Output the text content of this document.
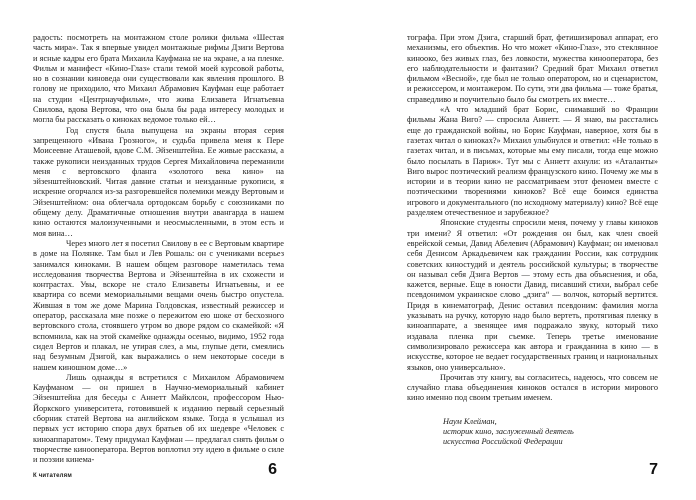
радость: посмотреть на монтажном столе ролики фильма «Шестая часть мира». Так я впервые увидел монтажные рифмы Дзиги Вертова и ясные кадры его брата Михаила Кауфмана не на экране, а на пленке. Фильм и манифест «Кино-Глаз» стали темой моей курсовой работы, но в сознании киноведа они существовали как явления прошлого. В голову не приходило, что Михаил Абрамович Кауфман еще работает на студии «Центрнаучфильм», что жива Елизавета Игнатьевна Свилова, вдова Вертова, что она была бы рада интересу молодых и могла бы рассказать о киноках ведомое только ей…

Год спустя была выпущена на экраны вторая серия запрещенного «Ивана Грозного», и судьба привела меня к Пере Моисеевне Аташевой, вдове С.М. Эйзенштейна. Ее живые рассказы, а также рукописи неизданных трудов Сергея Михайловича переманили меня с вертовского фланга «золотого века кино» на эйзенштейновский. Читая давние статьи и неизданные рукописи, я искренне огорчался из-за разгоревшейся полемики между Вертовым и Эйзенштейном: она облегчала ортодоксам борьбу с союзниками по общему делу. Драматичные отношения внутри авангарда в нашем кино остаются малоизученными и неосмысленными, в этом есть и моя вина…

Через много лет я посетил Свилову в ее с Вертовым квартире в доме на Полянке. Там был и Лев Рошаль: он с учениками всерьез занимался киноками. В нашем общем разговоре наметилась тема исследования творчества Вертова и Эйзенштейна в их схожести и контрастах. Увы, вскоре не стало Елизаветы Игнатьевны, и ее квартира со всеми мемориальными вещами очень быстро опустела. Жившая в том же доме Марина Голдовская, известный режиссер и оператор, рассказала мне позже о пережитом ею шоке от бесхозного вертовского стола, стоявшего утром во дворе рядом со скамейкой: «Я вспомнила, как на этой скамейке однажды осенью, видимо, 1952 года сидел Вертов и плакал, не утирая слез, а мы, глупые дети, смеялись над безумным Дзигой, как выражались о нем некоторые соседи в нашем киношном доме…»

Лишь однажды я встретился с Михаилом Абрамовичем Кауфманом — он пришел в Научно-мемориальный кабинет Эйзенштейна для беседы с Аннетт Майклсон, профессором Нью-Йоркского университета, готовившей к изданию первый серьезный сборник статей Вертова на английском языке. Тогда я услышал из первых уст историю спора двух братьев об их шедевре «Человек с киноаппаратом». Тему придумал Кауфман — предлагал снять фильм о творчестве кинооператора. Вертов воплотил эту идею в фильме о силе и поэзии кинема-

К читателям	6

тографа. При этом Дзига, старший брат, фетишизировал аппарат, его механизмы, его объектив. Но что может «Кино-Глаз», это стеклянное кинооко, без живых глаз, без ловкости, мужества кинооператора, без его наблюдательности и фантазии? Средний брат Михаил ответил фильмом «Весной», где был не только оператором, но и сценаристом, и режиссером, и монтажером. По сути, эти два фильма — тоже братья, справедливо и поучительно было бы смотреть их вместе…

«А что младший брат Борис, снимавший во Франции фильмы Жана Виго? — спросила Аннетт. — Я знаю, вы расстались еще до гражданской войны, но Борис Кауфман, наверное, хотя бы в газетах читал о киноках?» Михаил улыбнулся и ответил: «Не только в газетах читал, и в письмах, которые мы ему писали, тогда еще можно было посылать в Париж». Тут мы с Аннетт ахнули: из «Аталанты» Виго вырос поэтический реализм французского кино. Почему же мы в истории и в теории кино не рассматриваем этот феномен вместе с поэтическими творениями киноков? Всё еще боимся единства игрового и документального (по исходному материалу) кино? Всё еще разделяем отечественное и зарубежное?

Японские студенты спросили меня, почему у главы киноков три имени? Я ответил: «От рождения он был, как член своей еврейской семьи, Давид Абелевич (Абрамович) Кауфман; он именовал себя Денисом Аркадьевичем как гражданин России, как сотрудник советских киностудий и деятель российской культуры; в творчестве он называл себя Дзига Вертов — этому есть два объяснения, и оба, кажется, верные. Еще в юности Давид, писавший стихи, выбрал себе псевдонимом украинское слово „дзига“ — волчок, который вертится. Придя в кинематограф, Денис оставил псевдоним: фамилия могла указывать на ручку, которую надо было вертеть, протягивая пленку в киноаппарате, а звенящее имя подражало звуку, который тихо издавала пленка при съемке. Теперь третье именование символизировало режиссера как автора и гражданина в кино — в искусстве, которое не ведает государственных границ и национальных языков, оно универсально».

Прочитав эту книгу, вы согласитесь, надеюсь, что совсем не случайно глава объединения киноков остался в истории мирового кино именно под своим третьим именем.

Наум Клейман,
историк кино, заслуженный деятель
искусства Российской Федерации
7
